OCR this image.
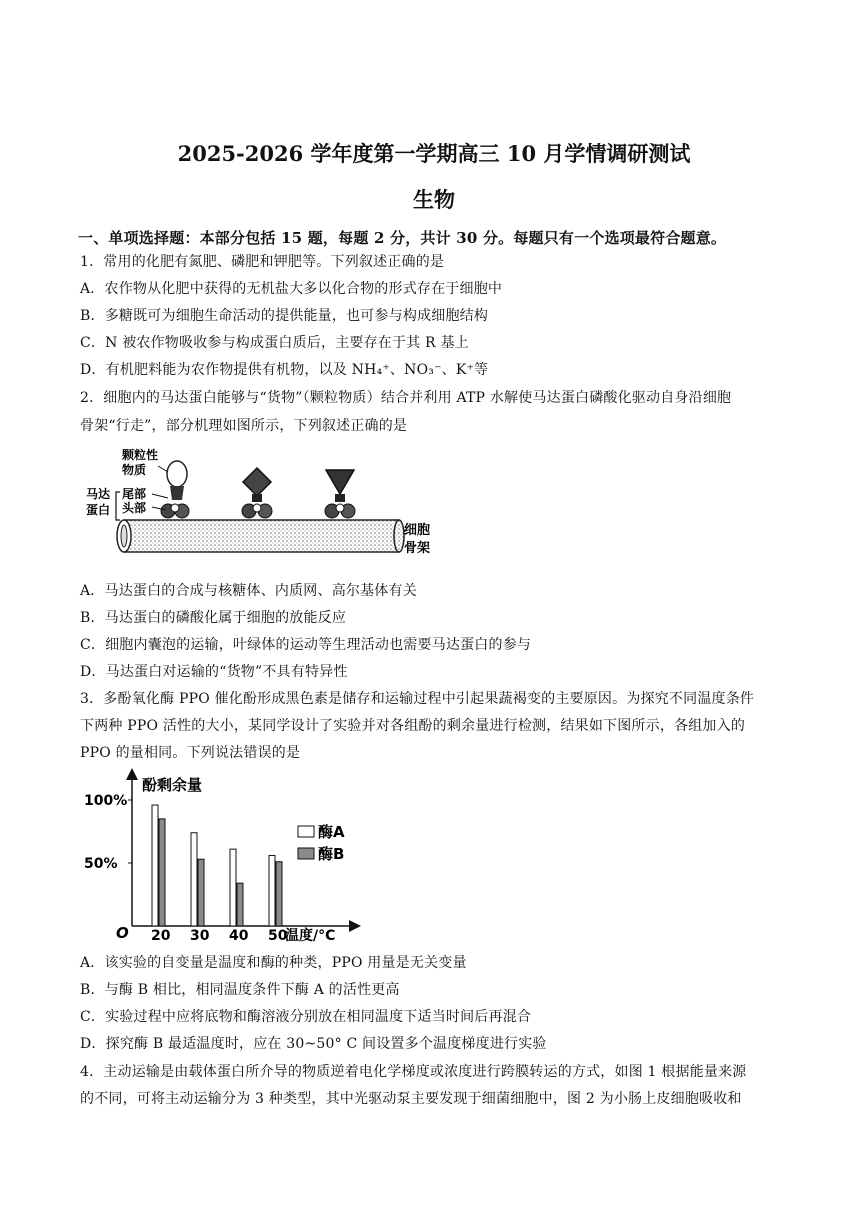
2025-2026 学年度第一学期高三 10 月学情调研测试
生物
一、单项选择题：本部分包括 15 题，每题 2 分，共计 30 分。每题只有一个选项最符合题意。
1．常用的化肥有氮肥、磷肥和钾肥等。下列叙述正确的是
A．农作物从化肥中获得的无机盐大多以化合物的形式存在于细胞中
B．多糖既可为细胞生命活动的提供能量，也可参与构成细胞结构
C．N 被农作物吸收参与构成蛋白质后，主要存在于其 R 基上
D．有机肥料能为农作物提供有机物，以及 NH₄⁺、NO₃⁻、K⁺等
2．细胞内的马达蛋白能够与“货物”（颗粒物质）结合并利用 ATP 水解使马达蛋白磷酸化驱动自身沿细胞
骨架“行走”，部分机理如图所示，下列叙述正确的是
颗粒性
物质
马达
蛋白
尾部
头部
细胞
骨架
A．马达蛋白的合成与核糖体、内质网、高尔基体有关
B．马达蛋白的磷酸化属于细胞的放能反应
C．细胞内囊泡的运输，叶绿体的运动等生理活动也需要马达蛋白的参与
D．马达蛋白对运输的“货物”不具有特异性
3．多酚氧化酶 PPO 催化酚形成黑色素是储存和运输过程中引起果蔬褐变的主要原因。为探究不同温度条件
下两种 PPO 活性的大小，某同学设计了实验并对各组酚的剩余量进行检测，结果如下图所示，各组加入的
PPO 的量相同。下列说法错误的是
酚剩余量
温度/°C
O 20 30 40 50
100%
50%
酶A
酶B
A．该实验的自变量是温度和酶的种类，PPO 用量是无关变量
B．与酶 B 相比，相同温度条件下酶 A 的活性更高
C．实验过程中应将底物和酶溶液分别放在相同温度下适当时间后再混合
D．探究酶 B 最适温度时，应在 30~50° C 间设置多个温度梯度进行实验
4．主动运输是由载体蛋白所介导的物质逆着电化学梯度或浓度进行跨膜转运的方式，如图 1 根据能量来源
的不同，可将主动运输分为 3 种类型，其中光驱动泵主要发现于细菌细胞中，图 2 为小肠上皮细胞吸收和
